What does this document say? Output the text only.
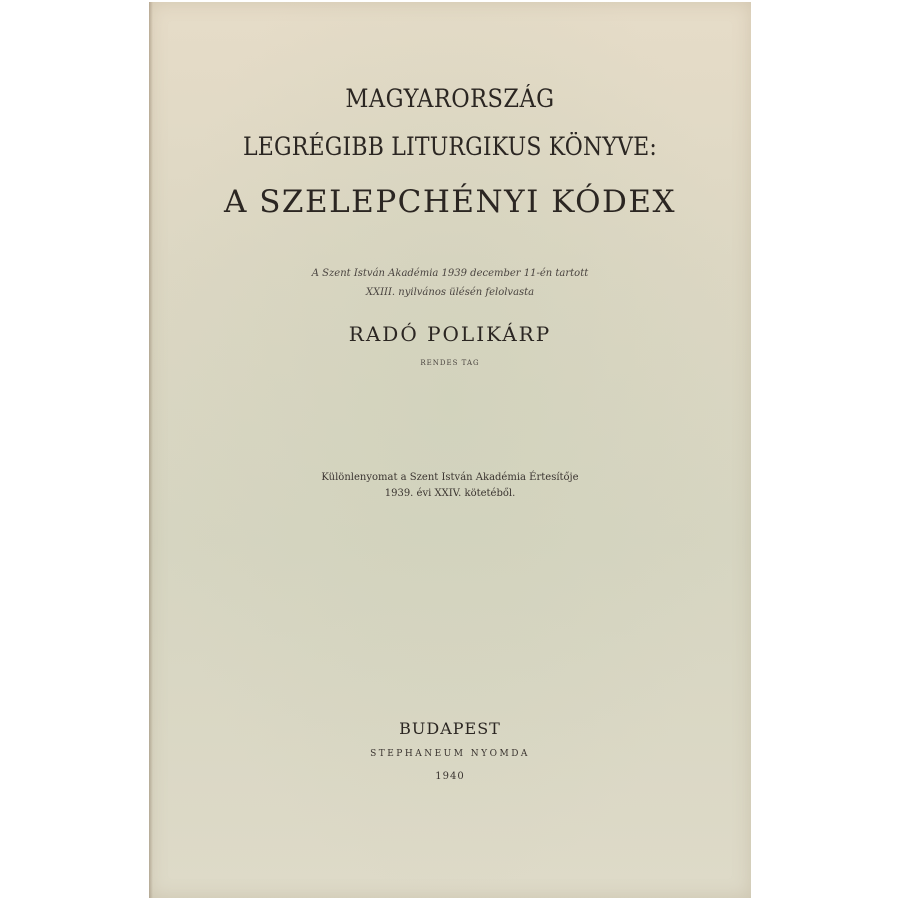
MAGYARORSZÁG
LEGRÉGIBB LITURGIKUS KÖNYVE:
A SZELEPCHÉNYI KÓDEX
A Szent István Akadémia 1939 december 11-én tartott
XXIII. nyilvános ülésén felolvasta
RADÓ POLIKÁRP
RENDES TAG
Különlenyomat a Szent István Akadémia Értesítője
1939. évi XXIV. kötetéből.
BUDAPEST
STEPHANEUM NYOMDA
1940
